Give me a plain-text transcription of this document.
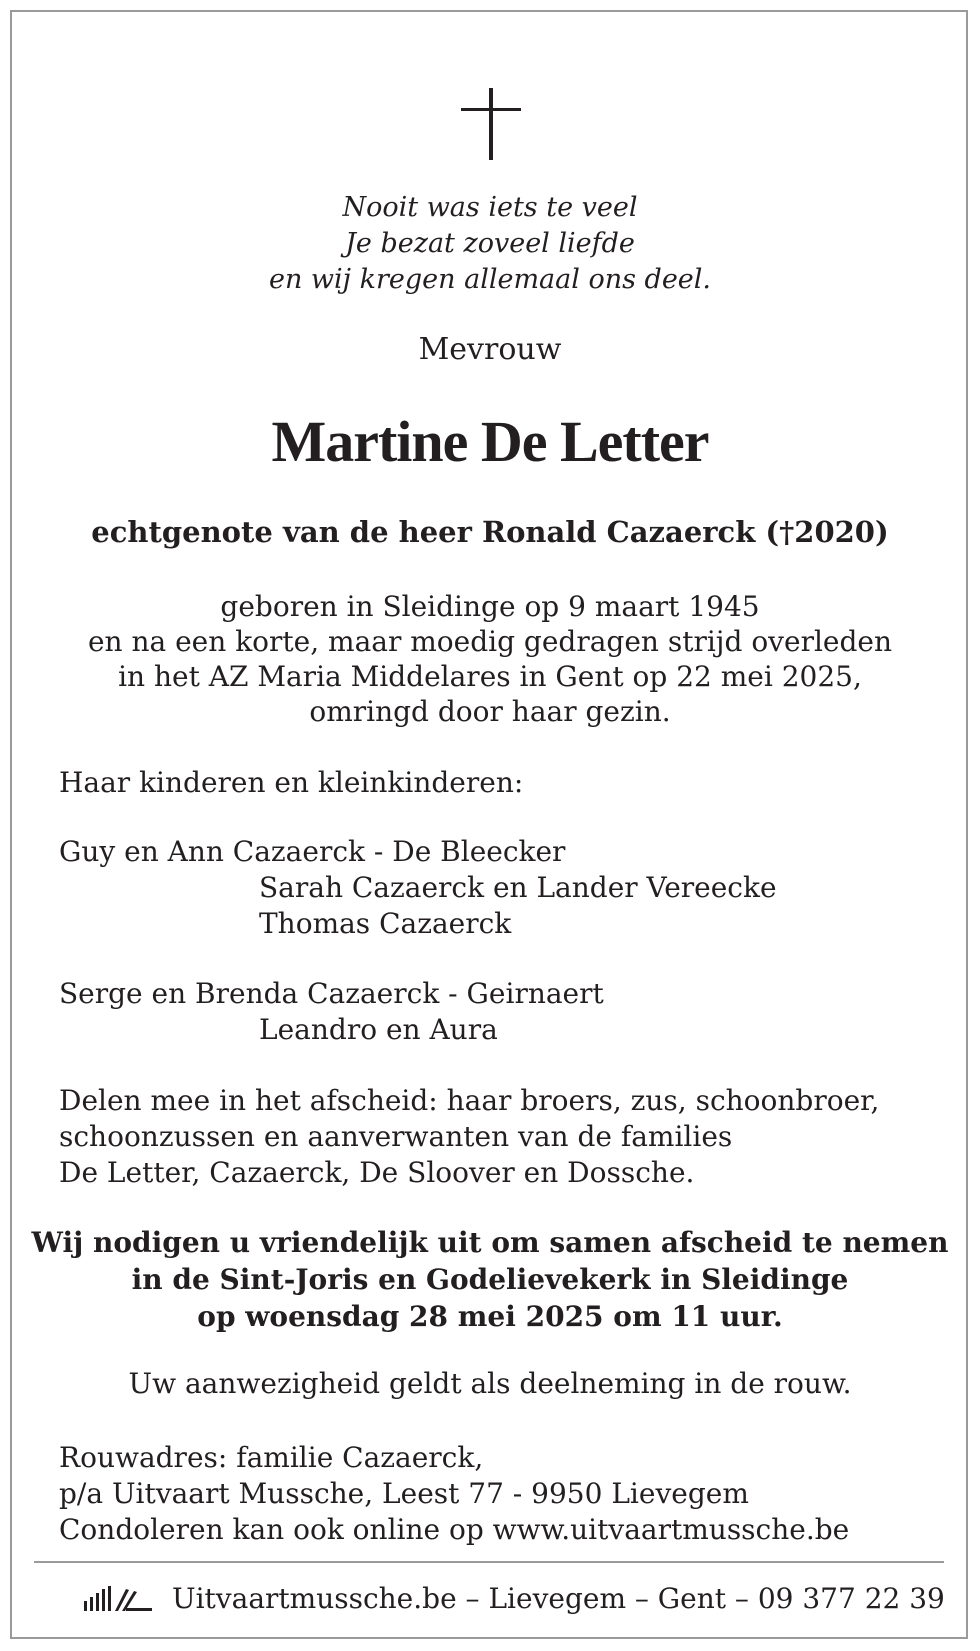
Nooit was iets te veel
Je bezat zoveel liefde
en wij kregen allemaal ons deel.
Mevrouw
Martine De Letter
echtgenote van de heer Ronald Cazaerck (†2020)
geboren in Sleidinge op 9 maart 1945
en na een korte, maar moedig gedragen strijd overleden
in het AZ Maria Middelares in Gent op 22 mei 2025,
omringd door haar gezin.
Haar kinderen en kleinkinderen:
Guy en Ann Cazaerck - De Bleecker
Sarah Cazaerck en Lander Vereecke
Thomas Cazaerck
Serge en Brenda Cazaerck - Geirnaert
Leandro en Aura
Delen mee in het afscheid: haar broers, zus, schoonbroer,
schoonzussen en aanverwanten van de families
De Letter, Cazaerck, De Sloover en Dossche.
Wij nodigen u vriendelijk uit om samen afscheid te nemen
in de Sint-Joris en Godelievekerk in Sleidinge
op woensdag 28 mei 2025 om 11 uur.
Uw aanwezigheid geldt als deelneming in de rouw.
Rouwadres: familie Cazaerck,
p/a Uitvaart Mussche, Leest 77 - 9950 Lievegem
Condoleren kan ook online op www.uitvaartmussche.be
Uitvaartmussche.be – Lievegem – Gent – 09 377 22 39
